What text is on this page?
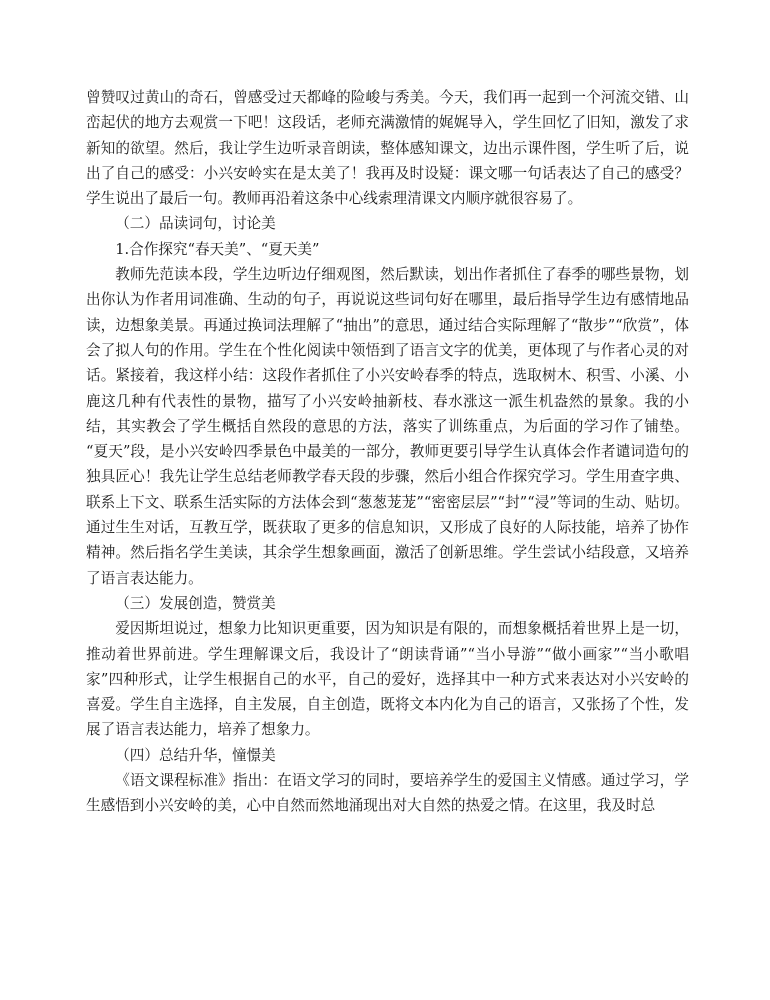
曾赞叹过黄山的奇石，曾感受过天都峰的险峻与秀美。今天，我们再一起到一个河流交错、山峦起伏的地方去观赏一下吧！这段话，老师充满激情的娓娓导入，学生回忆了旧知，激发了求新知的欲望。然后，我让学生边听录音朗读，整体感知课文，边出示课件图，学生听了后，说出了自己的感受：小兴安岭实在是太美了！我再及时设疑：课文哪一句话表达了自己的感受？学生说出了最后一句。教师再沿着这条中心线索理清课文内顺序就很容易了。

（二）品读词句，讨论美

1.合作探究“春天美”、“夏天美”

教师先范读本段，学生边听边仔细观图，然后默读，划出作者抓住了春季的哪些景物，划出你认为作者用词准确、生动的句子，再说说这些词句好在哪里，最后指导学生边有感情地品读，边想象美景。再通过换词法理解了“抽出”的意思，通过结合实际理解了“散步”“欣赏”，体会了拟人句的作用。学生在个性化阅读中领悟到了语言文字的优美，更体现了与作者心灵的对话。紧接着，我这样小结：这段作者抓住了小兴安岭春季的特点，选取树木、积雪、小溪、小鹿这几种有代表性的景物，描写了小兴安岭抽新枝、春水涨这一派生机盎然的景象。我的小结，其实教会了学生概括自然段的意思的方法，落实了训练重点，为后面的学习作了铺垫。 “夏天”段，是小兴安岭四季景色中最美的一部分，教师更要引导学生认真体会作者谴词造句的独具匠心！我先让学生总结老师教学春天段的步骤，然后小组合作探究学习。学生用查字典、联系上下文、联系生活实际的方法体会到“葱葱茏茏”“密密层层”“封”“浸”等词的生动、贴切。通过生生对话，互教互学，既获取了更多的信息知识，又形成了良好的人际技能，培养了协作精神。然后指名学生美读，其余学生想象画面，激活了创新思维。学生尝试小结段意，又培养了语言表达能力。

（三）发展创造，赞赏美

爱因斯坦说过，想象力比知识更重要，因为知识是有限的，而想象概括着世界上是一切，推动着世界前进。学生理解课文后，我设计了“朗读背诵”“当小导游”“做小画家”“当小歌唱家”四种形式，让学生根据自己的水平，自己的爱好，选择其中一种方式来表达对小兴安岭的喜爱。学生自主选择，自主发展，自主创造，既将文本内化为自己的语言，又张扬了个性，发展了语言表达能力，培养了想象力。

（四）总结升华，憧憬美

《语文课程标准》指出：在语文学习的同时，要培养学生的爱国主义情感。通过学习，学生感悟到小兴安岭的美，心中自然而然地涌现出对大自然的热爱之情。在这里，我及时总
